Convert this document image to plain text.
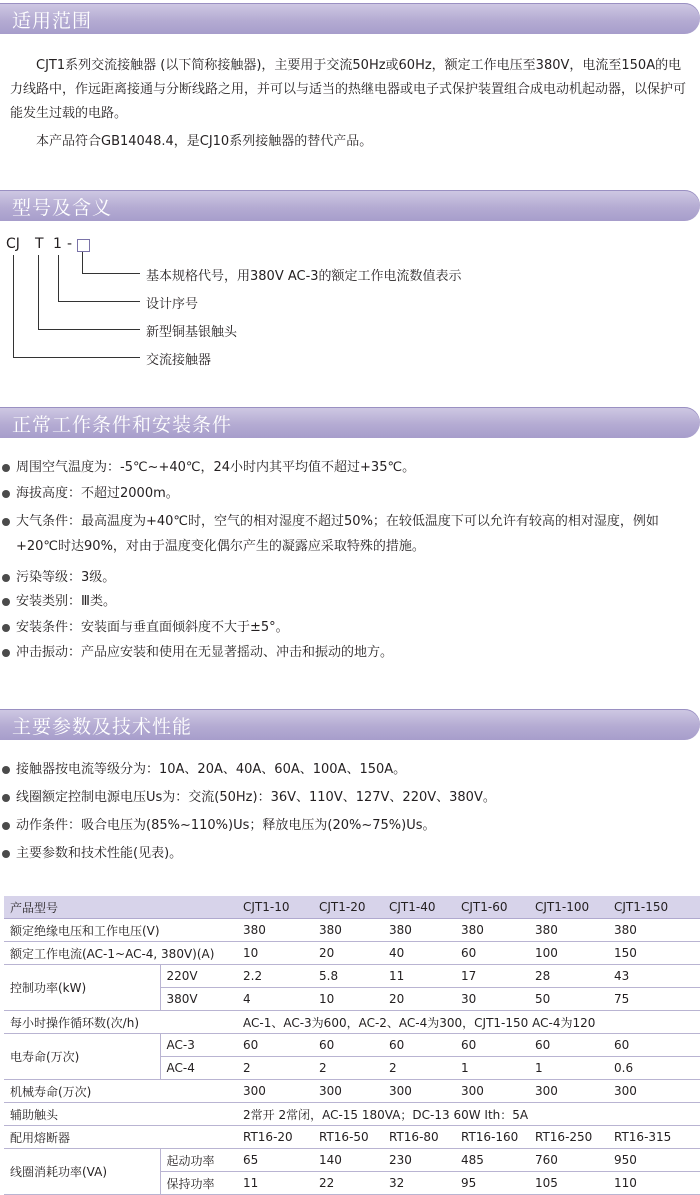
适用范围

CJT1系列交流接触器 (以下简称接触器)，主要用于交流50Hz或60Hz，额定工作电压至380V，电流至150A的电力线路中，作远距离接通与分断线路之用，并可以与适当的热继电器或电子式保护装置组合成电动机起动器，以保护可能发生过载的电路。

本产品符合GB14048.4，是CJ10系列接触器的替代产品。

型号及含义
CJ T 1 -
基本规格代号，用380V AC-3的额定工作电流数值表示
设计序号
新型铜基银触头
交流接触器
正常工作条件和安装条件
周围空气温度为：-5℃~+40℃，24小时内其平均值不超过+35℃。
海拔高度：不超过2000m。
大气条件：最高温度为+40℃时，空气的相对湿度不超过50%；在较低温度下可以允许有较高的相对湿度，例如+20℃时达90%，对由于温度变化偶尔产生的凝露应采取特殊的措施。
污染等级：3级。
安装类别：Ⅲ类。
安装条件：安装面与垂直面倾斜度不大于±5°。
冲击振动：产品应安装和使用在无显著摇动、冲击和振动的地方。
主要参数及技术性能
接触器按电流等级分为：10A、20A、40A、60A、100A、150A。
线圈额定控制电源电压Us为：交流(50Hz)：36V、110V、127V、220V、380V。
动作条件：吸合电压为(85%~110%)Us；释放电压为(20%~75%)Us。
主要参数和技术性能(见表)。
产品型号		CJT1-10	CJT1-20	CJT1-40	CJT1-60	CJT1-100	CJT1-150
额定绝缘电压和工作电压(V)		380	380	380	380	380	380
额定工作电流(AC-1~AC-4, 380V)(A)		10	20	40	60	100	150
控制功率(kW)	220V	2.2	5.8	11	17	28	43
	380V	4	10	20	30	50	75
每小时操作循环数(次/h)		AC-1、AC-3为600，AC-2、AC-4为300，CJT1-150 AC-4为120					
电寿命(万次)	AC-3	60	60	60	60	60	60
	AC-4	2	2	2	1	1	0.6
机械寿命(万次)		300	300	300	300	300	300
辅助触头		2常开 2常闭，AC-15 180VA；DC-13 60W Ith：5A					
配用熔断器		RT16-20	RT16-50	RT16-80	RT16-160	RT16-250	RT16-315
线圈消耗功率(VA)	起动功率	65	140	230	485	760	950
	保持功率	11	22	32	95	105	110
